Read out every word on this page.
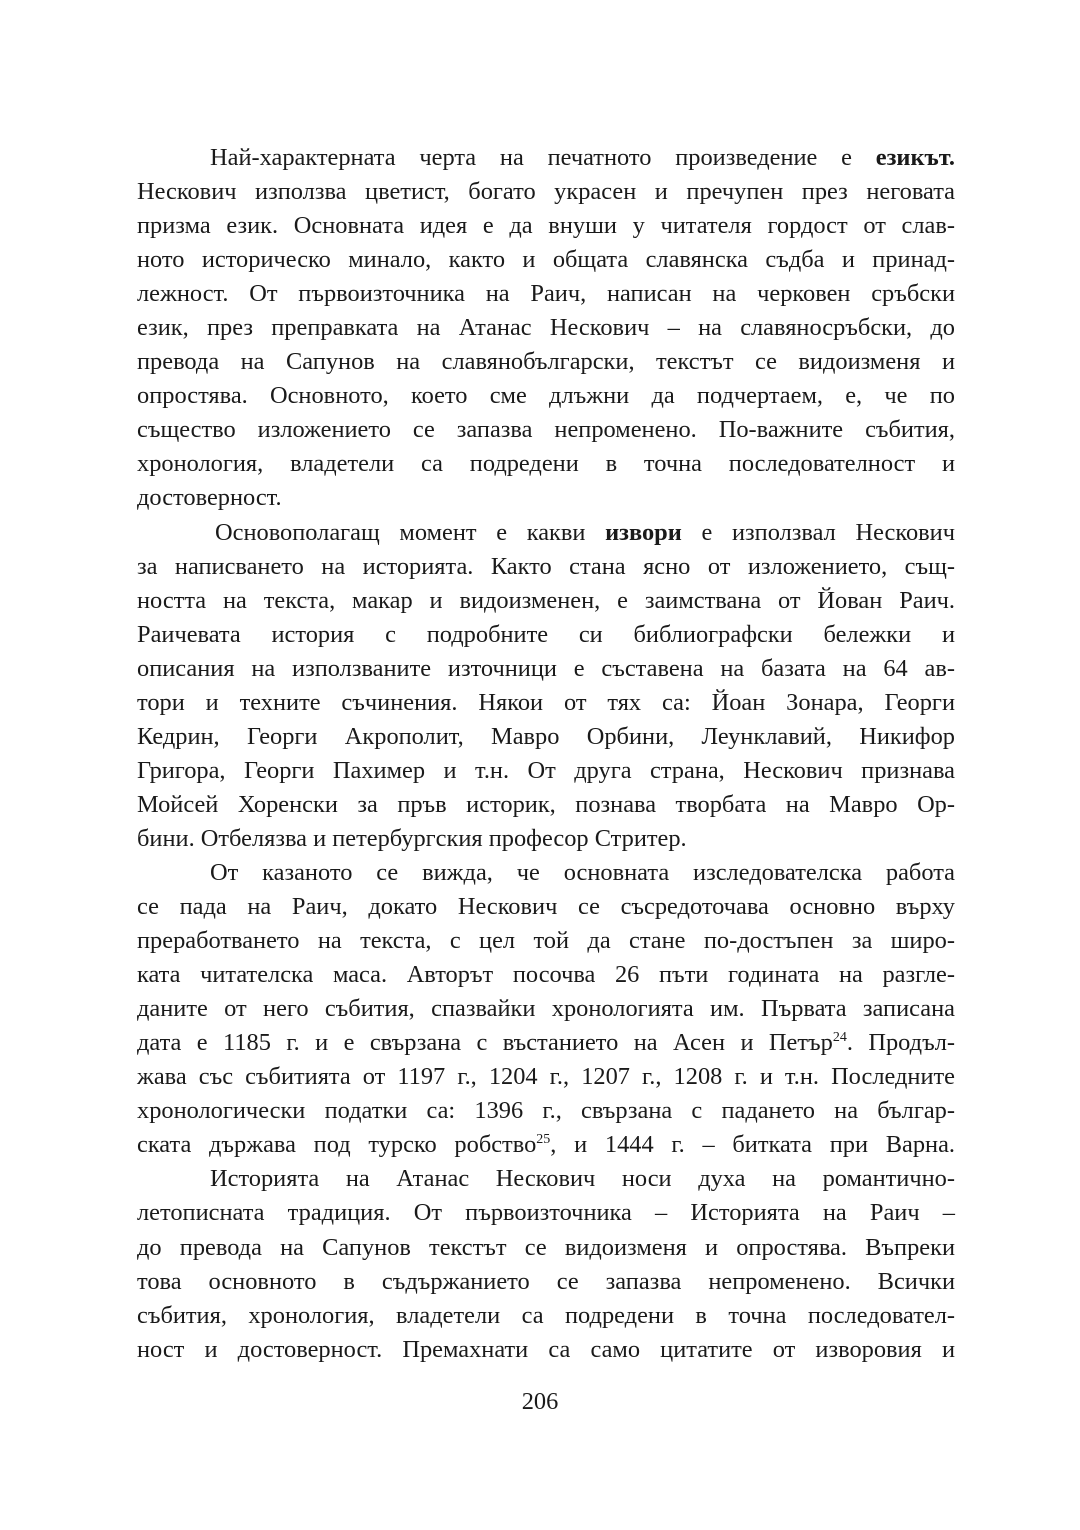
Най-характерната черта на печатното произведение е езикът.
Нескович използва цветист, богато украсен и пречупен през неговата
призма език. Основната идея е да внуши у читателя гордост от слав-
ното историческо минало, както и общата славянска съдба и принад-
лежност. От първоизточника на Раич, написан на черковен сръбски
език, през преправката на Атанас Нескович – на славяносръбски, до
превода на Сапунов на славянобългарски, текстът се видоизменя и
опростява. Основното, което сме длъжни да подчертаем, е, че по
същество изложението се запазва непроменено. По-важните събития,
хронология, владетели са подредени в точна последователност и
достоверност.
Основополагащ момент е какви извори е използвал Нескович
за написването на историята. Както стана ясно от изложението, същ-
ността на текста, макар и видоизменен, е заимствана от Йован Раич.
Раичевата история с подробните си библиографски бележки и
описания на използваните източници е съставена на базата на 64 ав-
тори и техните съчинения. Някои от тях са: Йоан Зонара, Георги
Кедрин, Георги Акрополит, Мавро Орбини, Леунклавий, Никифор
Григора, Георги Пахимер и т.н. От друга страна, Нескович признава
Мойсей Хоренски за пръв историк, познава творбата на Мавро Ор-
бини. Отбелязва и петербургския професор Стритер.
От казаното се вижда, че основната изследователска работа
се пада на Раич, докато Нескович се съсредоточава основно върху
преработването на текста, с цел той да стане по-достъпен за широ-
ката читателска маса. Авторът посочва 26 пъти годината на разгле-
даните от него събития, спазвайки хронологията им. Първата записана
дата е 1185 г. и е свързана с въстанието на Асен и Петър$^{24}$. Продъл-
жава със събитията от 1197 г., 1204 г., 1207 г., 1208 г. и т.н. Последните
хронологически податки са: 1396 г., свързана с падането на българ-
ската държава под турско робство$^{25}$, и 1444 г. – битката при Варна.
Историята на Атанас Нескович носи духа на романтично-
летописната традиция. От първоизточника – Историята на Раич –
до превода на Сапунов текстът се видоизменя и опростява. Въпреки
това основното в съдържанието се запазва непроменено. Всички
събития, хронология, владетели са подредени в точна последовател-
ност и достоверност. Премахнати са само цитатите от изворовия и
206
